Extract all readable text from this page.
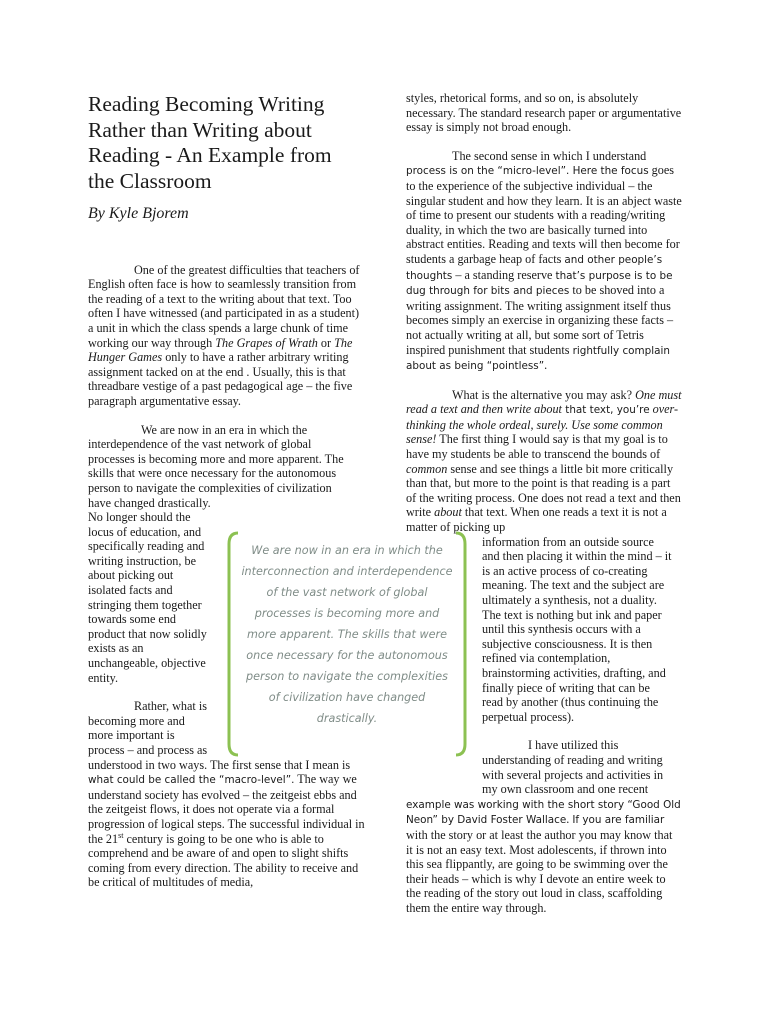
Reading Becoming Writing
Rather than Writing about
Reading - An Example from
the Classroom
By Kyle Bjorem

One of the greatest difficulties that teachers of English often face is how to seamlessly transition from the reading of a text to the writing about that text. Too often I have witnessed (and participated in as a student) a unit in which the class spends a large chunk of time working our way through The Grapes of Wrath or The Hunger Games only to have a rather arbitrary writing assignment tacked on at the end . Usually, this is that threadbare vestige of a past pedagogical age – the five paragraph argumentative essay.

We are now in an era in which the
interdependence of the vast network of global
processes is becoming more and more apparent. The
skills that were once necessary for the autonomous
person to navigate the complexities of civilization
have changed drastically.
No longer should the
locus of education, and
specifically reading and
writing instruction, be
about picking out
isolated facts and
stringing them together
towards some end
product that now solidly
exists as an
unchangeable, objective
entity.
Rather, what is
becoming more and
more important is
process – and process as

understood in two ways. The first sense that I mean is what could be called the “macro-level”. The way we understand society has evolved – the zeitgeist ebbs and the zeitgeist flows, it does not operate via a formal progression of logical steps. The successful individual in the 21st century is going to be one who is able to comprehend and be aware of and open to slight shifts coming from every direction. The ability to receive and be critical of multitudes of media,

styles, rhetorical forms, and so on, is absolutely necessary. The standard research paper or argumentative essay is simply not broad enough.

The second sense in which I understand process is on the “micro-level”. Here the focus goes to the experience of the subjective individual – the singular student and how they learn. It is an abject waste of time to present our students with a reading/writing duality, in which the two are basically turned into abstract entities. Reading and texts will then become for students a garbage heap of facts and other people’s thoughts – a standing reserve that’s purpose is to be dug through for bits and pieces to be shoved into a writing assignment. The writing assignment itself thus becomes simply an exercise in organizing these facts – not actually writing at all, but some sort of Tetris inspired punishment that students rightfully complain about as being “pointless”.

What is the alternative you may ask? One must read a text and then write about that text, you’re over-thinking the whole ordeal, surely. Use some common sense! The first thing I would say is that my goal is to have my students be able to transcend the bounds of common sense and see things a little bit more critically than that, but more to the point is that reading is a part of the writing process. One does not read a text and then write about that text. When one reads a text it is not a matter of picking up

information from an outside source
and then placing it within the mind – it
is an active process of co-creating
meaning. The text and the subject are
ultimately a synthesis, not a duality.
The text is nothing but ink and paper
until this synthesis occurs with a
subjective consciousness. It is then
refined via contemplation,
brainstorming activities, drafting, and
finally piece of writing that can be
read by another (thus continuing the
perpetual process).
I have utilized this
understanding of reading and writing
with several projects and activities in
my own classroom and one recent

example was working with the short story “Good Old Neon” by David Foster Wallace. If you are familiar with the story or at least the author you may know that it is not an easy text. Most adolescents, if thrown into this sea flippantly, are going to be swimming over the their heads – which is why I devote an entire week to the reading of the story out loud in class, scaffolding them the entire way through.

We are now in an era in which the interconnection and interdependence of the vast network of global processes is becoming more and more apparent. The skills that were once necessary for the autonomous person to navigate the complexities of civilization have changed drastically.
